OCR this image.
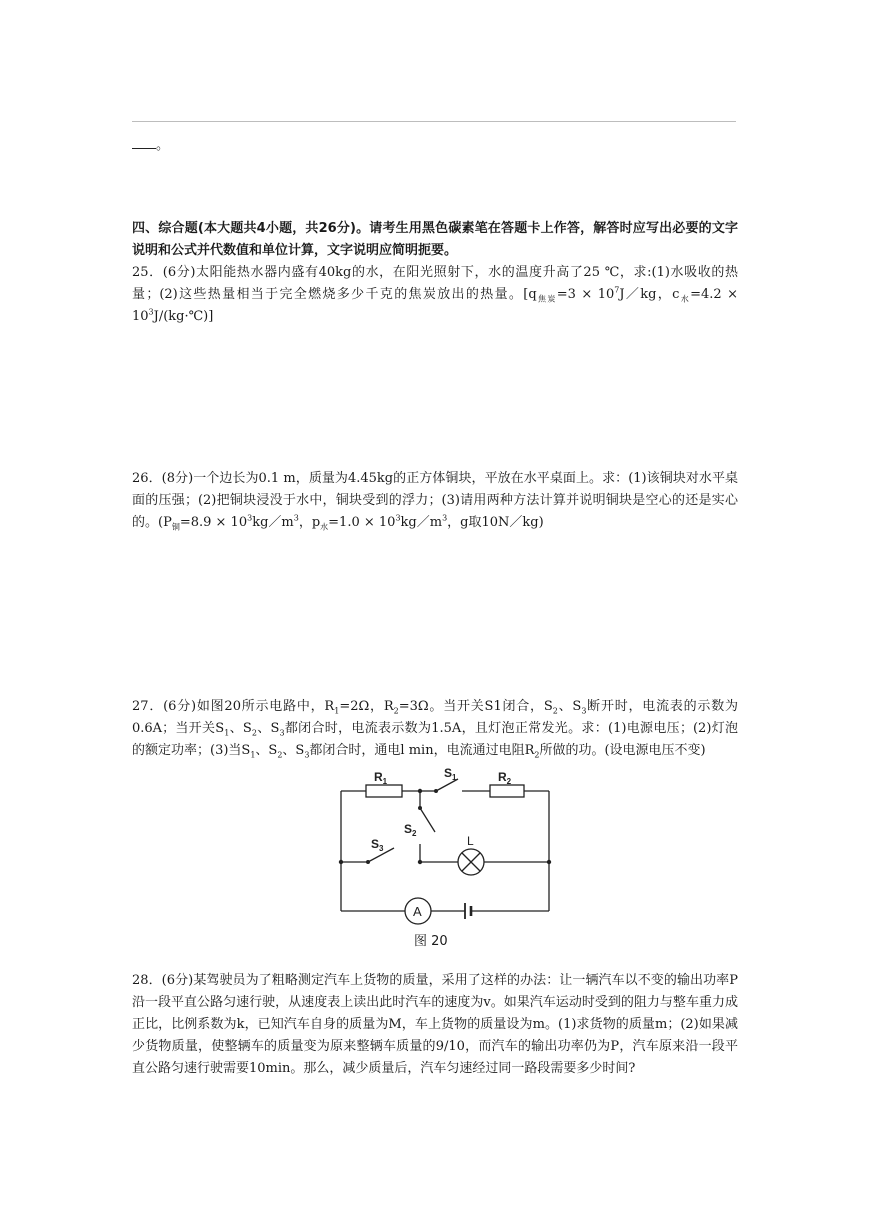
。

四、综合题(本大题共4小题，共26分)。请考生用黑色碳素笔在答题卡上作答，解答时应写出必要的文字说明和公式并代数值和单位计算，文字说明应简明扼要。

25．(6分)太阳能热水器内盛有40kg的水，在阳光照射下，水的温度升高了25 ℃，求:(1)水吸收的热量；(2)这些热量相当于完全燃烧多少千克的焦炭放出的热量。[$q_{焦炭}=3$ × $10^7J/kg$，$c_水=4.2$ × $10^3J/(kg\cdot℃)$]

26．(8分)一个边长为0.1 m，质量为4.45kg的正方体铜块，平放在水平桌面上。求：(1)该铜块对水平桌面的压强；(2)把铜块浸没于水中，铜块受到的浮力；(3)请用两种方法计算并说明铜块是空心的还是实心的。($P_铜=8.9$ × $10^3kg/m^3$，$p_水=1.0$ × $10^3kg/m^3$，g取10N／kg)

27．(6分)如图20所示电路中，$R_1=2\Omega$，$R_2=3\Omega$。当开关S1闭合，$S_2$、$S_3$断开时，电流表的示数为0.6A；当开关$S_1$、$S_2$、$S_3$都闭合时，电流表示数为1.5A，且灯泡正常发光。求：(1)电源电压；(2)灯泡的额定功率；(3)当$S_1$、$S_2$、$S_3$都闭合时，通电l min，电流通过电阻$R_2$所做的功。(设电源电压不变)

$R_1$
$S_1$	$R_2$
$S_2$
$S_3$
L
A
图 20

28．(6分)某驾驶员为了粗略测定汽车上货物的质量，采用了这样的办法：让一辆汽车以不变的输出功率P沿一段平直公路匀速行驶，从速度表上读出此时汽车的速度为v。如果汽车运动时受到的阻力与整车重力成正比，比例系数为k，已知汽车自身的质量为M，车上货物的质量设为m。(1)求货物的质量m；(2)如果减少货物质量，使整辆车的质量变为原来整辆车质量的9/10，而汽车的输出功率仍为P，汽车原来沿一段平直公路匀速行驶需要10min。那么，减少质量后，汽车匀速经过同一路段需要多少时间?
